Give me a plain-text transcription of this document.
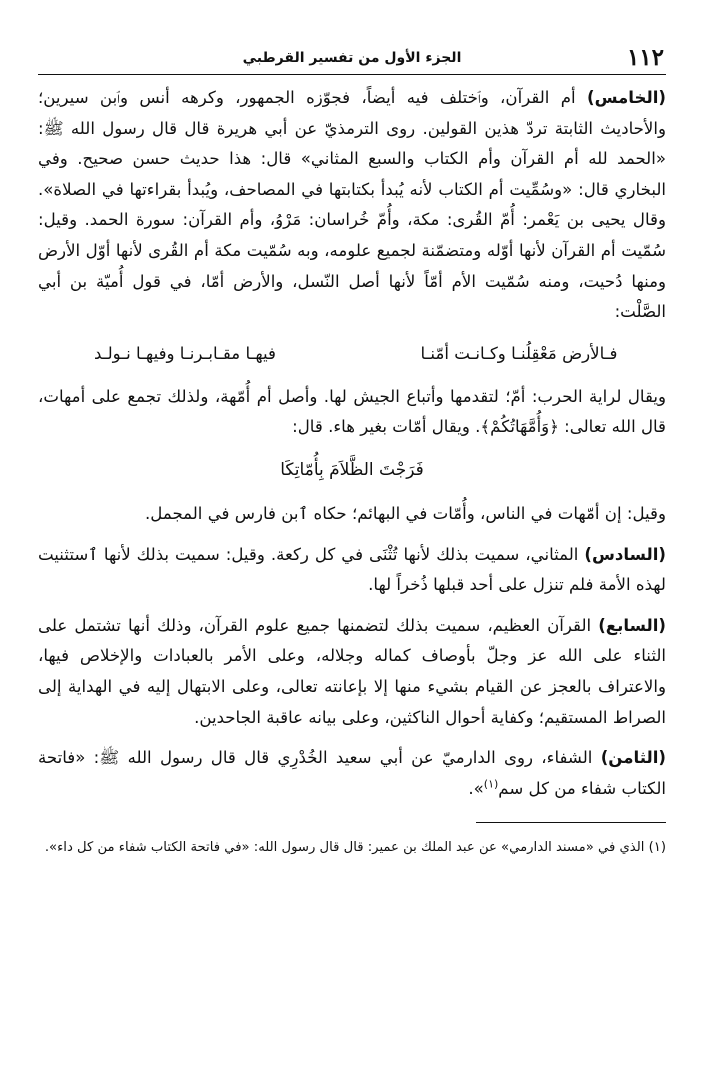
١١٢
الجزء الأول من تفسير القرطبي

(الخامس) أم القرآن، وٱختلف فيه أيضاً، فجوّزه الجمهور، وكرهه أنس وٱبن سيرين؛ والأحاديث الثابتة تردّ هذين القولين. روى الترمذيّ عن أبي هريرة قال قال رسول الله ﷺ: «الحمد لله أم القرآن وأم الكتاب والسبع المثاني» قال: هذا حديث حسن صحيح. وفي البخاري قال: «وسُمِّيت أم الكتاب لأنه يُبدأ بكتابتها في المصاحف، ويُبدأ بقراءتها في الصلاة». وقال يحيى بن يَعْمر: أُمّ القُرى: مكة، وأُمّ خُراسان: مَرْوُ، وأم القرآن: سورة الحمد. وقيل: سُمّيت أم القرآن لأنها أوّله ومتضمّنة لجميع علومه، وبه سُمّيت مكة أم القُرى لأنها أوّل الأرض ومنها دُحيت، ومنه سُمّيت الأم أمّاً لأنها أصل النّسل، والأرض أمّا، في قول أُميّة بن أبي الصَّلْت:

فـالأرض مَعْقِلُنـا وكـانـت أمّنـا
فيهـا مقـابـرنـا وفيهـا نـولـد

ويقال لراية الحرب: أمّ؛ لتقدمها وأتباع الجيش لها. وأصل أم أُمّهة، ولذلك تجمع على أمهات، قال الله تعالى: ﴿وَأُمَّهَاتُكُمْ﴾. ويقال أمّات بغير هاء. قال:

فَرَجْتَ الظَّلاَمَ بِأُمّاتِكَا

وقيل: إن أمّهات في الناس، وأُمّات في البهائم؛ حكاه ٱبن فارس في المجمل.

(السادس) المثاني، سميت بذلك لأنها تُثْنَى في كل ركعة. وقيل: سميت بذلك لأنها ٱستثنيت لهذه الأمة فلم تنزل على أحد قبلها ذُخراً لها.

(السابع) القرآن العظيم، سميت بذلك لتضمنها جميع علوم القرآن، وذلك أنها تشتمل على الثناء على الله عز وجلّ بأوصاف كماله وجلاله، وعلى الأمر بالعبادات والإخلاص فيها، والاعتراف بالعجز عن القيام بشيء منها إلا بإعانته تعالى، وعلى الابتهال إليه في الهداية إلى الصراط المستقيم؛ وكفاية أحوال الناكثين، وعلى بيانه عاقبة الجاحدين.

(الثامن) الشفاء، روى الدارميّ عن أبي سعيد الخُدْرِي قال قال رسول الله ﷺ: «فاتحة الكتاب شفاء من كل سم$^{(١)}$».

(١) الذي في «مسند الدارمي» عن عبد الملك بن عمير: قال قال رسول الله: «في فاتحة الكتاب شفاء من كل داء».
